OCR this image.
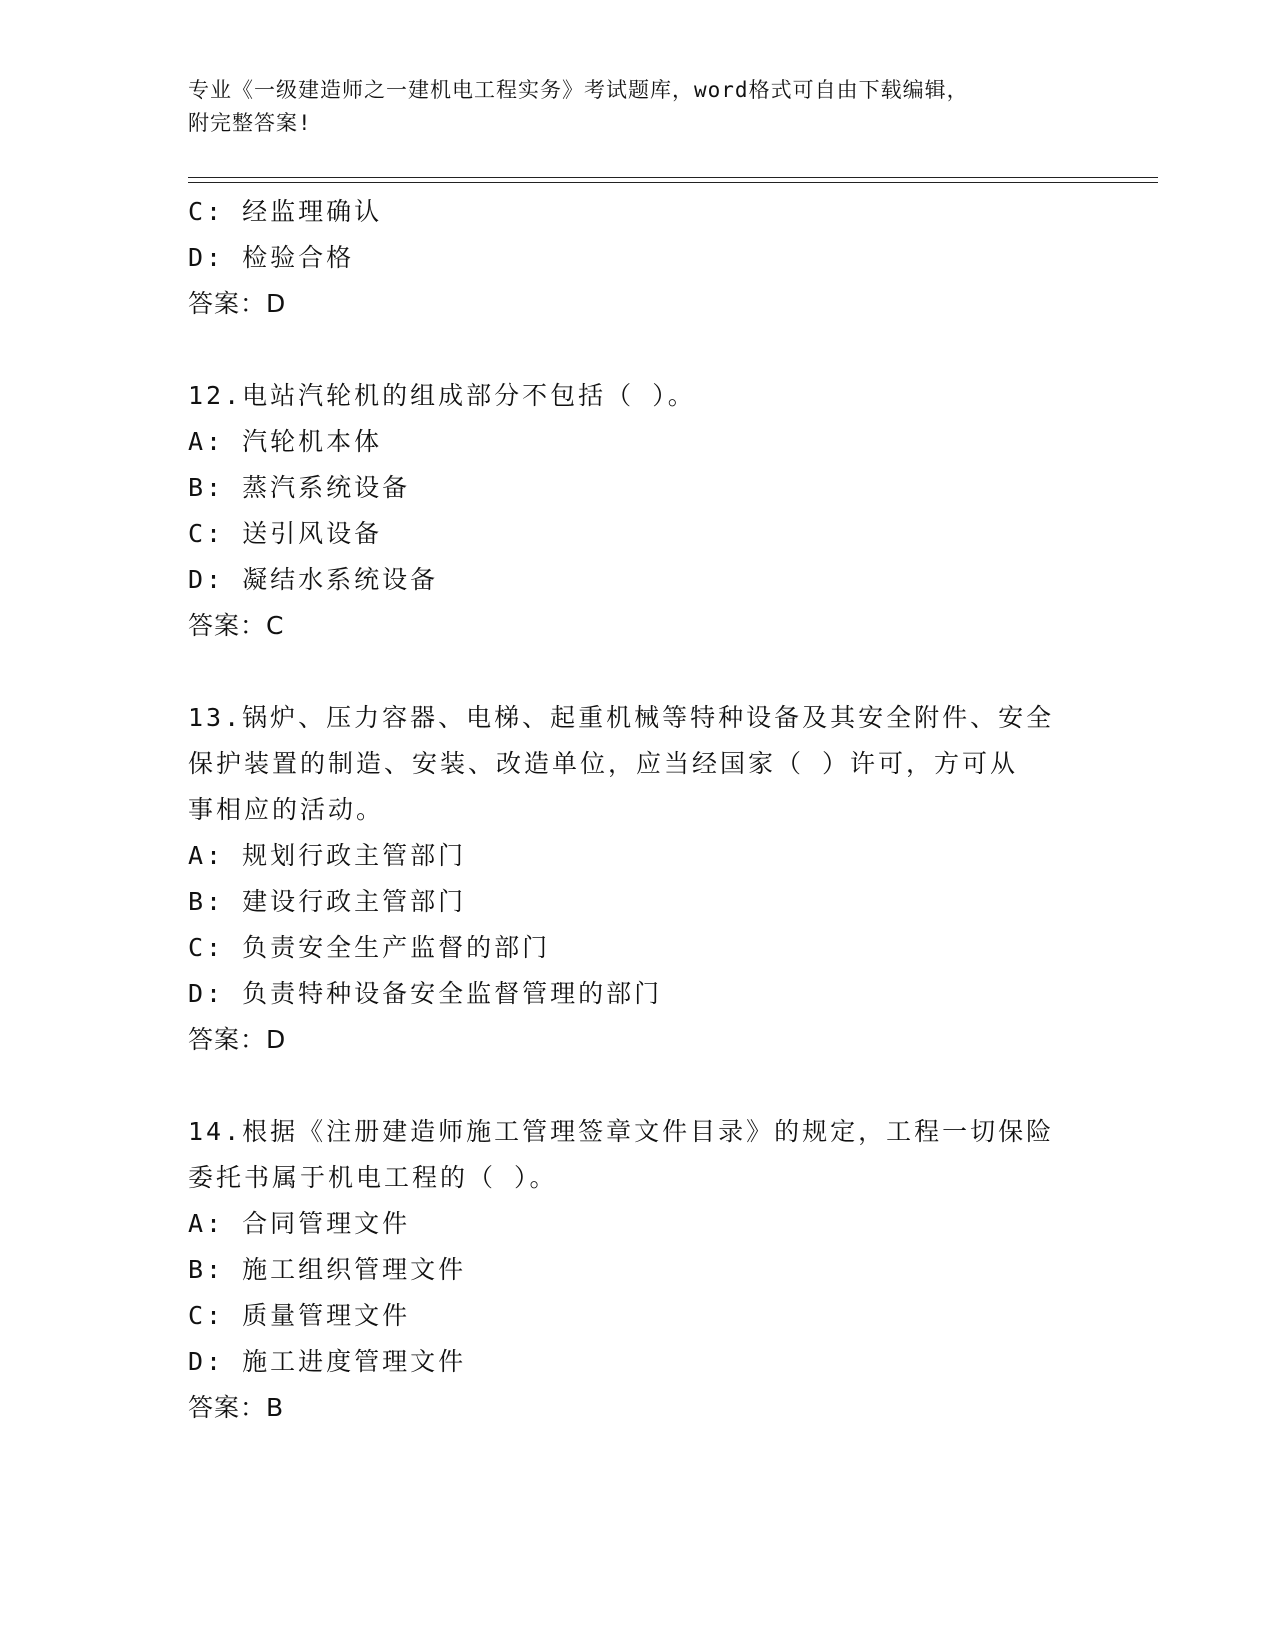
专业《一级建造师之一建机电工程实务》考试题库，word格式可自由下载编辑，
附完整答案!
C: 经监理确认
D: 检验合格
答案：D
12.电站汽轮机的组成部分不包括（ ）。
A: 汽轮机本体
B: 蒸汽系统设备
C: 送引风设备
D: 凝结水系统设备
答案：C
13.锅炉、压力容器、电梯、起重机械等特种设备及其安全附件、安全
保护装置的制造、安装、改造单位，应当经国家（ ）许可，方可从
事相应的活动。
A: 规划行政主管部门
B: 建设行政主管部门
C: 负责安全生产监督的部门
D: 负责特种设备安全监督管理的部门
答案：D
14.根据《注册建造师施工管理签章文件目录》的规定，工程一切保险
委托书属于机电工程的（ ）。
A: 合同管理文件
B: 施工组织管理文件
C: 质量管理文件
D: 施工进度管理文件
答案：B
